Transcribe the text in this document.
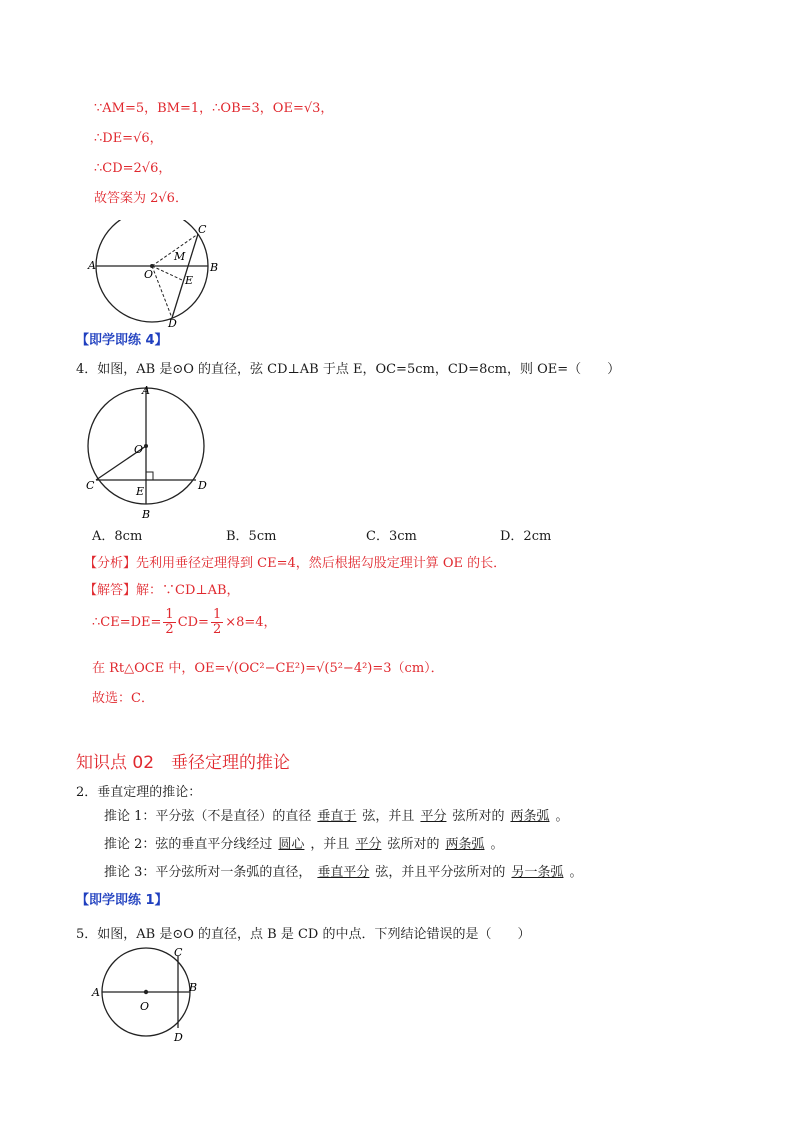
∵AM=5，BM=1，∴OB=3，OE=√3，
∴DE=√6，
∴CD=2√6，
故答案为 2√6．
A
O
B
C
D
M
E
【即学即练 4】
4．如图，AB 是⊙O 的直径，弦 CD⊥AB 于点 E，OC=5cm，CD=8cm，则 OE=（　　）
A
O
C	D
E
B
A．8cm	B．5cm	C．3cm	D．2cm
【分析】先利用垂径定理得到 CE=4，然后根据勾股定理计算 OE 的长．
【解答】解：∵CD⊥AB，
∴CE=DE= $\frac{1}{2} CD= \frac{1}{2} \times 8=4$，
在 Rt△OCE 中，OE=√(OC²−CE²)=√(5²−4²)=3（cm）．
故选：C．
知识点 02　垂径定理的推论
2．垂直定理的推论：
推论 1：平分弦（不是直径）的直径 垂直于 弦，并且 平分 弦所对的 两条弧 。
推论 2：弦的垂直平分线经过 圆心 ，并且 平分 弦所对的 两条弧 。
推论 3：平分弦所对一条弧的直径， 垂直平分 弦，并且平分弦所对的 另一条弧 。
【即学即练 1】
5．如图，AB 是⊙O 的直径，点 B 是 CD 的中点．下列结论错误的是（　　）
A
O
B
C
D
